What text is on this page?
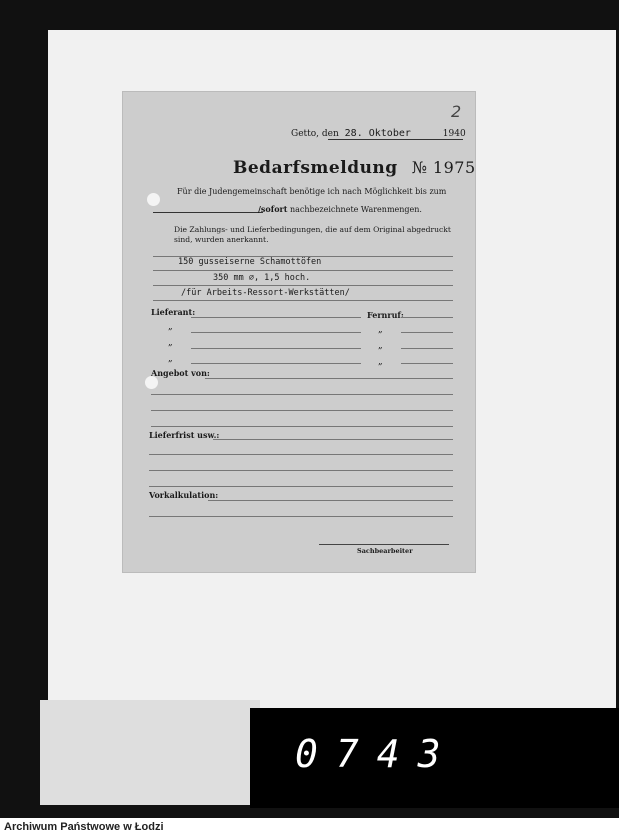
0743
2
Getto, den 28. Oktober	1940
Bedarfsmeldung № 1975
Für die Judengemeinschaft benötige ich nach Möglichkeit bis zum
/sofort nachbezeichnete Warenmengen.
Die Zahlungs- und Lieferbedingungen, die auf dem Original abgedruckt sind, wurden anerkannt.
150 gusseiserne Schamottöfen
350 mm ∅, 1,5 hoch.
/für Arbeits-Ressort-Werkstätten/
Lieferant:	Fernruf:
„	„
„	„
„	„
Angebot von:
Lieferfrist usw.:
Vorkalkulation:
Sachbearbeiter
Archiwum Państwowe w Łodzi
